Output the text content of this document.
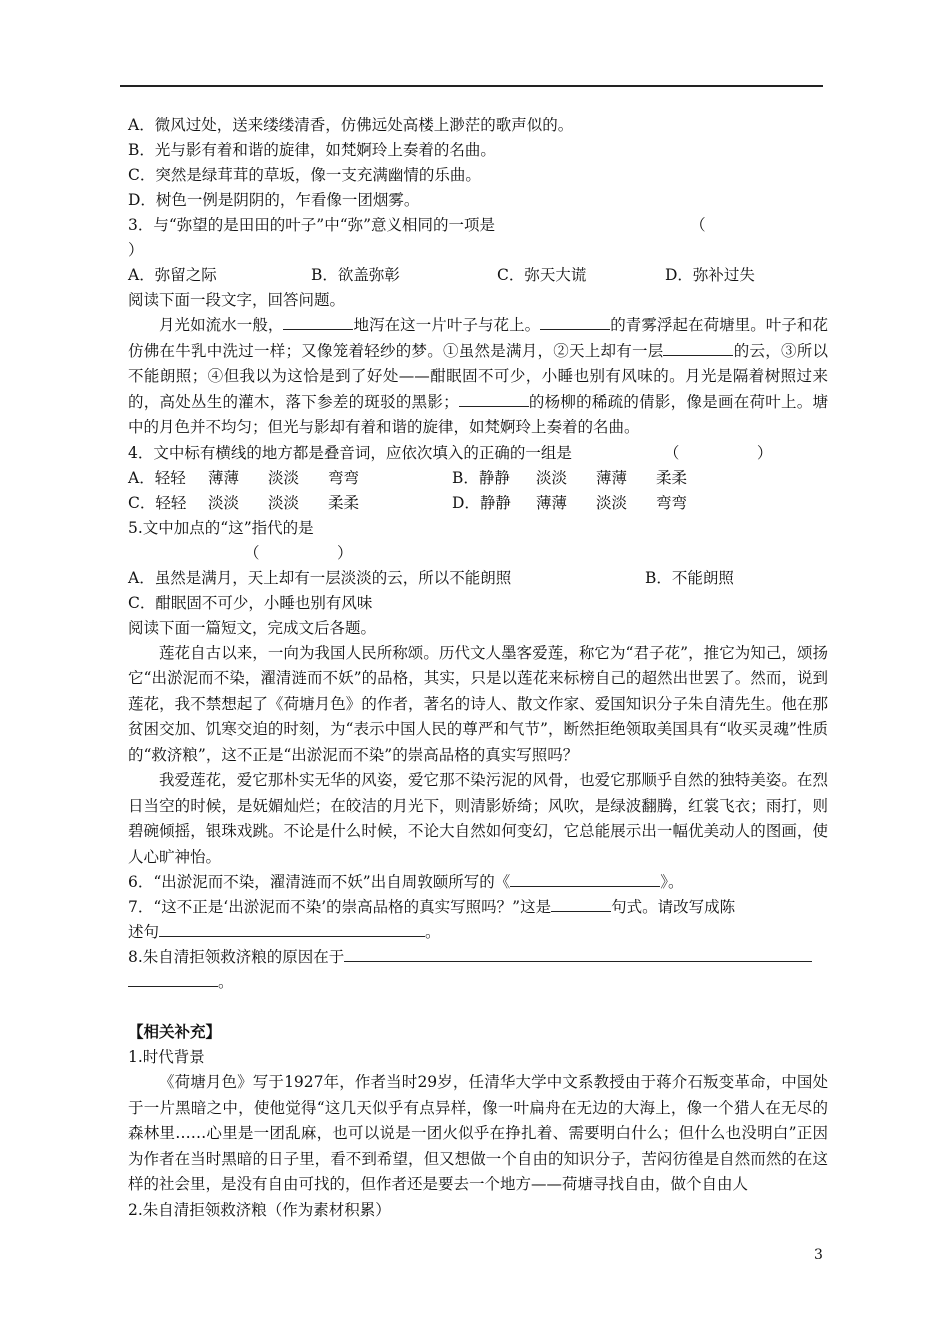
A．微风过处，送来缕缕清香，仿佛远处高楼上渺茫的歌声似的。
B．光与影有着和谐的旋律，如梵婀玲上奏着的名曲。
C．突然是绿茸茸的草坂，像一支充满幽情的乐曲。
D．树色一例是阴阴的，乍看像一团烟雾。
3．与“弥望的是田田的叶子”中“弥”意义相同的一项是	（
）
A．弥留之际	B．欲盖弥彰	C．弥天大谎	D．弥补过失
阅读下面一段文字，回答问题。
月光如流水一般，	地泻在这一片叶子与花上。	的青雾浮起在荷塘里。叶子和花仿佛在牛乳中洗过一样；又像笼着轻纱的梦。①虽然是满月，②天上却有一层	的云，③所以不能朗照；④但我以为这恰是到了好处——酣眠固不可少，小睡也别有风味的。月光是隔着树照过来的，高处丛生的灌木，落下参差的斑驳的黑影；	的杨柳的稀疏的倩影，像是画在荷叶上。塘中的月色并不均匀；但光与影却有着和谐的旋律，如梵婀玲上奏着的名曲。
4．文中标有横线的地方都是叠音词，应依次填入的正确的一组是	（　　　　　）
A．轻轻 薄薄 淡淡 弯弯	B．静静 淡淡 薄薄 柔柔
C．轻轻 淡淡 淡淡 柔柔	D．静静 薄薄 淡淡 弯弯
5.文中加点的“这”指代的是
（　　　　　）
A．虽然是满月，天上却有一层淡淡的云，所以不能朗照	B．不能朗照
C．酣眠固不可少，小睡也别有风味
阅读下面一篇短文，完成文后各题。
莲花自古以来，一向为我国人民所称颂。历代文人墨客爱莲，称它为“君子花”，推它为知己，颂扬它“出淤泥而不染，濯清涟而不妖”的品格，其实，只是以莲花来标榜自己的超然出世罢了。然而，说到莲花，我不禁想起了《荷塘月色》的作者，著名的诗人、散文作家、爱国知识分子朱自清先生。他在那贫困交加、饥寒交迫的时刻，为“表示中国人民的尊严和气节”，断然拒绝领取美国具有“收买灵魂”性质的“救济粮”，这不正是“出淤泥而不染”的崇高品格的真实写照吗？
我爱莲花，爱它那朴实无华的风姿，爱它那不染污泥的风骨，也爱它那顺乎自然的独特美姿。在烈日当空的时候，是妩媚灿烂；在皎洁的月光下，则清影娇绮；风吹，是绿波翻腾，红裳飞衣；雨打，则碧碗倾摇，银珠戏跳。不论是什么时候，不论大自然如何变幻，它总能展示出一幅优美动人的图画，使人心旷神怡。
6．“出淤泥而不染，濯清涟而不妖”出自周敦颐所写的《	》。
7．“这不正是‘出淤泥而不染’的崇高品格的真实写照吗？”这是	句式。请改写成陈
述句	。
8.朱自清拒领救济粮的原因在于
。
【相关补充】
1.时代背景
《荷塘月色》写于1927年，作者当时29岁，任清华大学中文系教授由于蒋介石叛变革命，中国处于一片黑暗之中，使他觉得“这几天似乎有点异样，像一叶扁舟在无边的大海上，像一个猎人在无尽的森林里……心里是一团乱麻，也可以说是一团火似乎在挣扎着、需要明白什么；但什么也没明白”正因为作者在当时黑暗的日子里，看不到希望，但又想做一个自由的知识分子，苦闷彷徨是自然而然的在这样的社会里，是没有自由可找的，但作者还是要去一个地方——荷塘寻找自由，做个自由人
2.朱自清拒领救济粮（作为素材积累）
3
